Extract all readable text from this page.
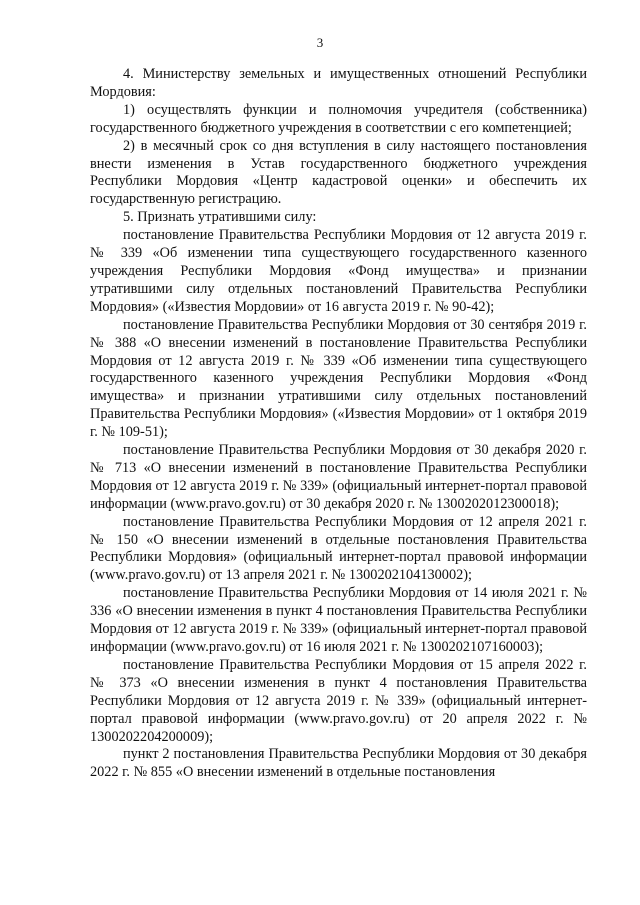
3

4. Министерству земельных и имущественных отношений Республики Мордовия:

1) осуществлять функции и полномочия учредителя (собственника) государственного бюджетного учреждения в соответствии с его компетенцией;

2) в месячный срок со дня вступления в силу настоящего постановления внести изменения в Устав государственного бюджетного учреждения Республики Мордовия «Центр кадастровой оценки» и обеспечить их государственную регистрацию.

5. Признать утратившими силу:

постановление Правительства Республики Мордовия от 12 августа 2019 г. № 339 «Об изменении типа существующего государственного казенного учреждения Республики Мордовия «Фонд имущества» и признании утратившими силу отдельных постановлений Правительства Республики Мордовия» («Известия Мордовии» от 16 августа 2019 г. № 90-42);

постановление Правительства Республики Мордовия от 30 сентября 2019 г. № 388 «О внесении изменений в постановление Правительства Республики Мордовия от 12 августа 2019 г. № 339 «Об изменении типа существующего государственного казенного учреждения Республики Мордовия «Фонд имущества» и признании утратившими силу отдельных постановлений Правительства Республики Мордовия» («Известия Мордовии» от 1 октября 2019 г. № 109-51);

постановление Правительства Республики Мордовия от 30 декабря 2020 г. № 713 «О внесении изменений в постановление Правительства Республики Мордовия от 12 августа 2019 г. № 339» (официальный интернет-портал правовой информации (www.pravo.gov.ru) от 30 декабря 2020 г. № 1300202012300018);

постановление Правительства Республики Мордовия от 12 апреля 2021 г. № 150 «О внесении изменений в отдельные постановления Правительства Республики Мордовия» (официальный интернет-портал правовой информации (www.pravo.gov.ru) от 13 апреля 2021 г. № 1300202104130002);

постановление Правительства Республики Мордовия от 14 июля 2021 г. № 336 «О внесении изменения в пункт 4 постановления Правительства Республики Мордовия от 12 августа 2019 г. № 339» (официальный интернет-портал правовой информации (www.pravo.gov.ru) от 16 июля 2021 г. № 1300202107160003);

постановление Правительства Республики Мордовия от 15 апреля 2022 г. № 373 «О внесении изменения в пункт 4 постановления Правительства Республики Мордовия от 12 августа 2019 г. № 339» (официальный интернет-портал правовой информации (www.pravo.gov.ru) от 20 апреля 2022 г. № 1300202204200009);

пункт 2 постановления Правительства Республики Мордовия от 30 декабря 2022 г. № 855 «О внесении изменений в отдельные постановления
